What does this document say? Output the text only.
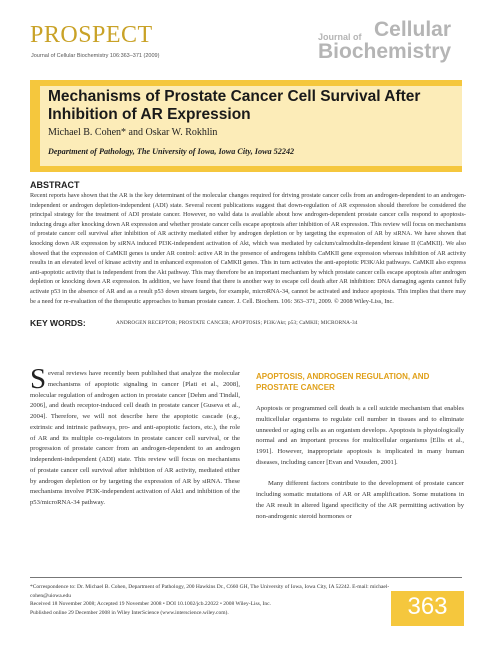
PROSPECT
Journal of Cellular Biochemistry 106:363–371 (2009)
Journal of Cellular
Biochemistry
Mechanisms of Prostate Cancer Cell Survival After Inhibition of AR Expression
Michael B. Cohen* and Oskar W. Rokhlin
Department of Pathology, The University of Iowa, Iowa City, Iowa 52242
ABSTRACT
Recent reports have shown that the AR is the key determinant of the molecular changes required for driving prostate cancer cells from an androgen-dependent to an androgen-independent or androgen depletion-independent (ADI) state. Several recent publications suggest that down-regulation of AR expression should therefore be considered the principal strategy for the treatment of ADI prostate cancer. However, no valid data is available about how androgen-dependent prostate cancer cells respond to apoptosis-inducing drugs after knocking down AR expression and whether prostate cancer cells escape apoptosis after inhibition of AR expression. This review will focus on mechanisms of prostate cancer cell survival after inhibition of AR activity mediated either by androgen depletion or by targeting the expression of AR by siRNA. We have shown that knocking down AR expression by siRNA induced PI3K-independent activation of Akt, which was mediated by calcium/calmodulin-dependent kinase II (CaMKII). We also showed that the expression of CaMKII genes is under AR control: active AR in the presence of androgens inhibits CaMKII gene expression whereas inhibition of AR activity results in an elevated level of kinase activity and in enhanced expression of CaMKII genes. This in turn activates the anti-apoptotic PI3K/Akt pathways. CaMKII also express anti-apoptotic activity that is independent from the Akt pathway. This may therefore be an important mechanism by which prostate cancer cells escape apoptosis after androgen depletion or knocking down AR expression. In addition, we have found that there is another way to escape cell death after AR inhibition: DNA damaging agents cannot fully activate p53 in the absence of AR and as a result p53 down stream targets, for example, microRNA-34, cannot be activated and induce apoptosis. This implies that there may be a need for re-evaluation of the therapeutic approaches to human prostate cancer. J. Cell. Biochem. 106: 363–371, 2009. © 2008 Wiley-Liss, Inc.
KEY WORDS:	ANDROGEN RECEPTOR; PROSTATE CANCER; APOPTOSIS; PI3K/Akt; p53; CaMKII; MICRORNA-34
S everal reviews have recently been published that analyze the molecular mechanisms of apoptotic signaling in cancer [Plati et al., 2008], molecular regulation of androgen action in prostate cancer [Dehm and Tindall, 2006], and death receptor-induced cell death in prostate cancer [Guseva et al., 2004]. Therefore, we will not describe here the apoptotic cascade (e.g., extrinsic and intrinsic pathways, pro- and anti-apoptotic factors, etc.), the role of AR and its multiple co-regulators in prostate cancer cell survival, or the progression of prostate cancer from an androgen-dependent to an androgen independent-independent (ADI) state. This review will focus on mechanisms of prostate cancer cell survival after inhibition of AR activity, mediated either by androgen depletion or by targeting the expression of AR by siRNA. These mechanisms involve PI3K-independent activation of Akt1 and inhibition of the p53/microRNA-34 pathway.
APOPTOSIS, ANDROGEN REGULATION, AND PROSTATE CANCER

Apoptosis or programmed cell death is a cell suicide mechanism that enables multicellular organisms to regulate cell number in tissues and to eliminate unneeded or aging cells as an organism develops. Apoptosis is physiologically normal and an important process for multicellular organisms [Ellis et al., 1991]. However, inappropriate apoptosis is implicated in many human diseases, including cancer [Evan and Vousden, 2001].

Many different factors contribute to the development of prostate cancer including somatic mutations of AR or AR amplification. Some mutations in the AR result in altered ligand specificity of the AR permitting activation by non-androgenic steroid hormones or

*Correspondence to: Dr. Michael B. Cohen, Department of Pathology, 200 Hawkins Dr., C660 GH, The University of Iowa, Iowa City, IA 52242. E-mail: michael-cohen@uiowa.edu
Received 18 November 2008; Accepted 19 November 2008 • DOI 10.1002/jcb.22022 • 2008 Wiley-Liss, Inc.
Published online 29 December 2008 in Wiley InterScience (www.interscience.wiley.com).	363
